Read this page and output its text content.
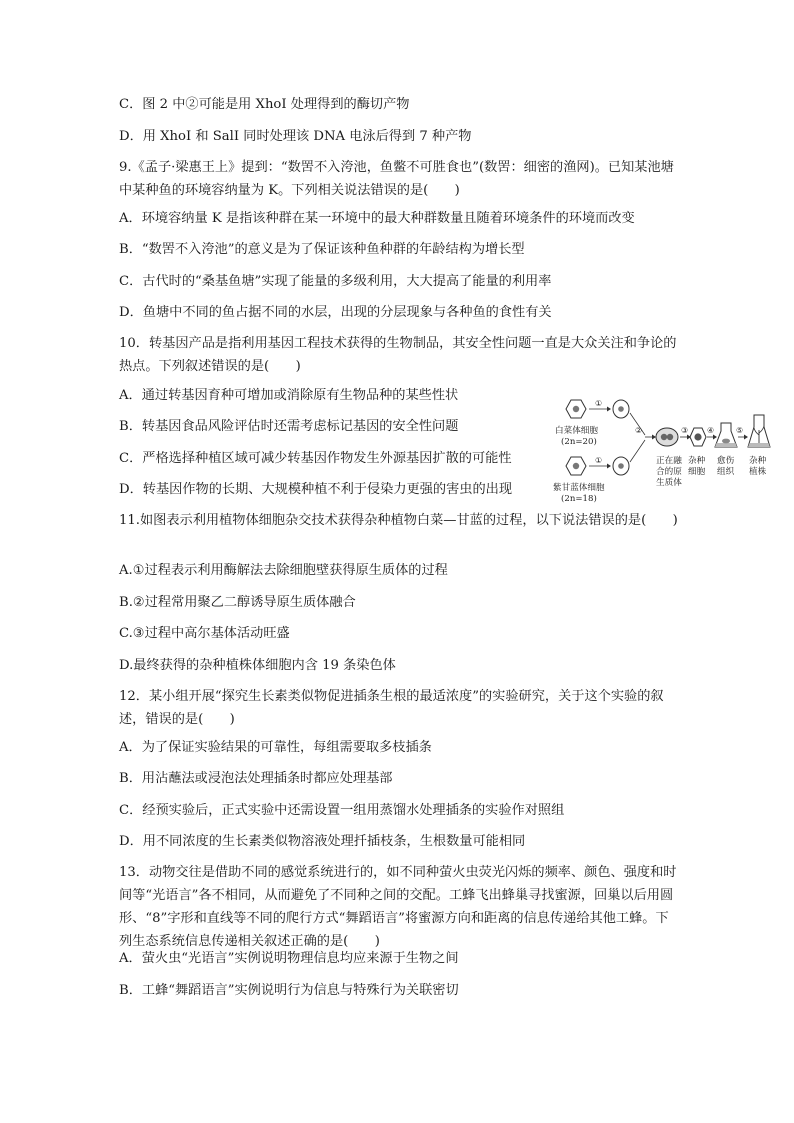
C．图 2 中②可能是用 XhoI 处理得到的酶切产物
D．用 XhoI 和 SalI 同时处理该 DNA 电泳后得到 7 种产物
9.《孟子·梁惠王上》提到：“数罟不入洿池，鱼鳖不可胜食也”(数罟：细密的渔网)。已知某池塘中某种鱼的环境容纳量为 K。下列相关说法错误的是(　　)
A．环境容纳量 K 是指该种群在某一环境中的最大种群数量且随着环境条件的环境而改变
B．“数罟不入洿池”的意义是为了保证该种鱼种群的年龄结构为增长型
C．古代时的“桑基鱼塘”实现了能量的多级利用，大大提高了能量的利用率
D．鱼塘中不同的鱼占据不同的水层，出现的分层现象与各种鱼的食性有关
10．转基因产品是指利用基因工程技术获得的生物制品，其安全性问题一直是大众关注和争论的热点。下列叙述错误的是(　　)
A．通过转基因育种可增加或消除原有生物品种的某些性状
B．转基因食品风险评估时还需考虑标记基因的安全性问题
C．严格选择种植区域可减少转基因作物发生外源基因扩散的可能性
D．转基因作物的长期、大规模种植不利于侵染力更强的害虫的出现
①
白菜体细胞
(2n=20)
①
紫甘蓝体细胞
(2n=18)
②
正在融
合的原
生质体
③
杂种
细胞
④
愈伤
组织
⑤
杂种
植株
11.如图表示利用植物体细胞杂交技术获得杂种植物白菜—甘蓝的过程，以下说法错误的是(　　)
A.①过程表示利用酶解法去除细胞壁获得原生质体的过程
B.②过程常用聚乙二醇诱导原生质体融合
C.③过程中高尔基体活动旺盛
D.最终获得的杂种植株体细胞内含 19 条染色体
12．某小组开展“探究生长素类似物促进插条生根的最适浓度”的实验研究，关于这个实验的叙述，错误的是(　　)
A．为了保证实验结果的可靠性，每组需要取多枝插条
B．用沾蘸法或浸泡法处理插条时都应处理基部
C．经预实验后，正式实验中还需设置一组用蒸馏水处理插条的实验作对照组
D．用不同浓度的生长素类似物溶液处理扦插枝条，生根数量可能相同
13．动物交往是借助不同的感觉系统进行的，如不同种萤火虫荧光闪烁的频率、颜色、强度和时间等“光语言”各不相同，从而避免了不同种之间的交配。工蜂飞出蜂巢寻找蜜源，回巢以后用圆形、“8”字形和直线等不同的爬行方式“舞蹈语言”将蜜源方向和距离的信息传递给其他工蜂。下列生态系统信息传递相关叙述正确的是(　　)
A．萤火虫“光语言”实例说明物理信息均应来源于生物之间
B．工蜂“舞蹈语言”实例说明行为信息与特殊行为关联密切
